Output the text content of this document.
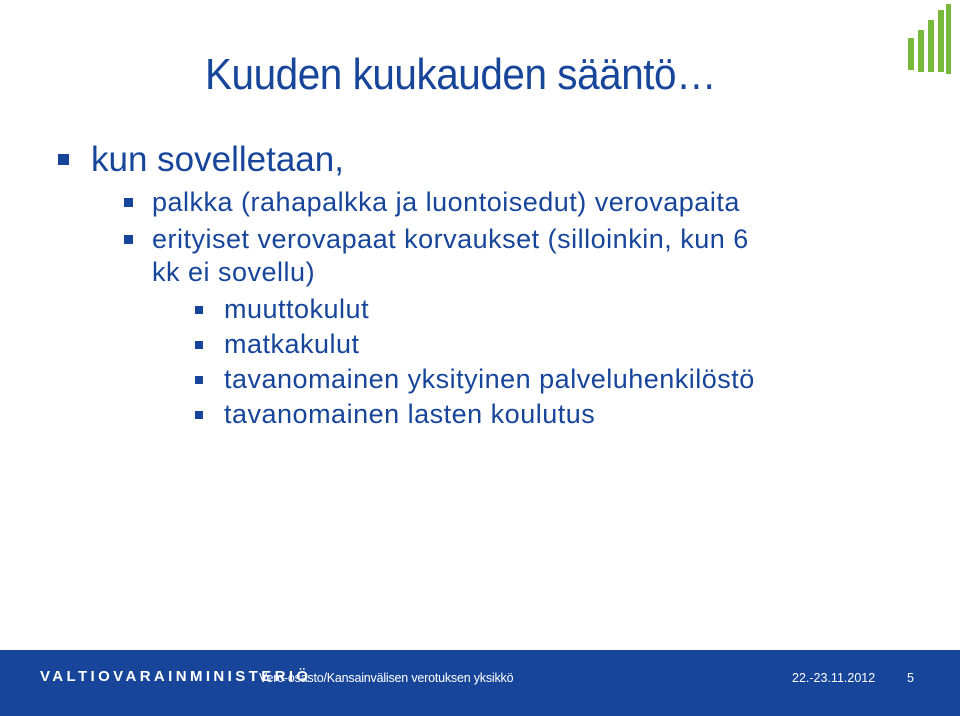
Kuuden kuukauden sääntö…
kun sovelletaan,
palkka (rahapalkka ja luontoisedut) verovapaita
erityiset verovapaat korvaukset (silloinkin, kun 6
kk ei sovellu)
muuttokulut
matkakulut
tavanomainen yksityinen palveluhenkilöstö
tavanomainen lasten koulutus
VALTIOVARAINMINISTERIÖ
Vero-osasto/Kansainvälisen verotuksen yksikkö	22.-23.11.2012	5
